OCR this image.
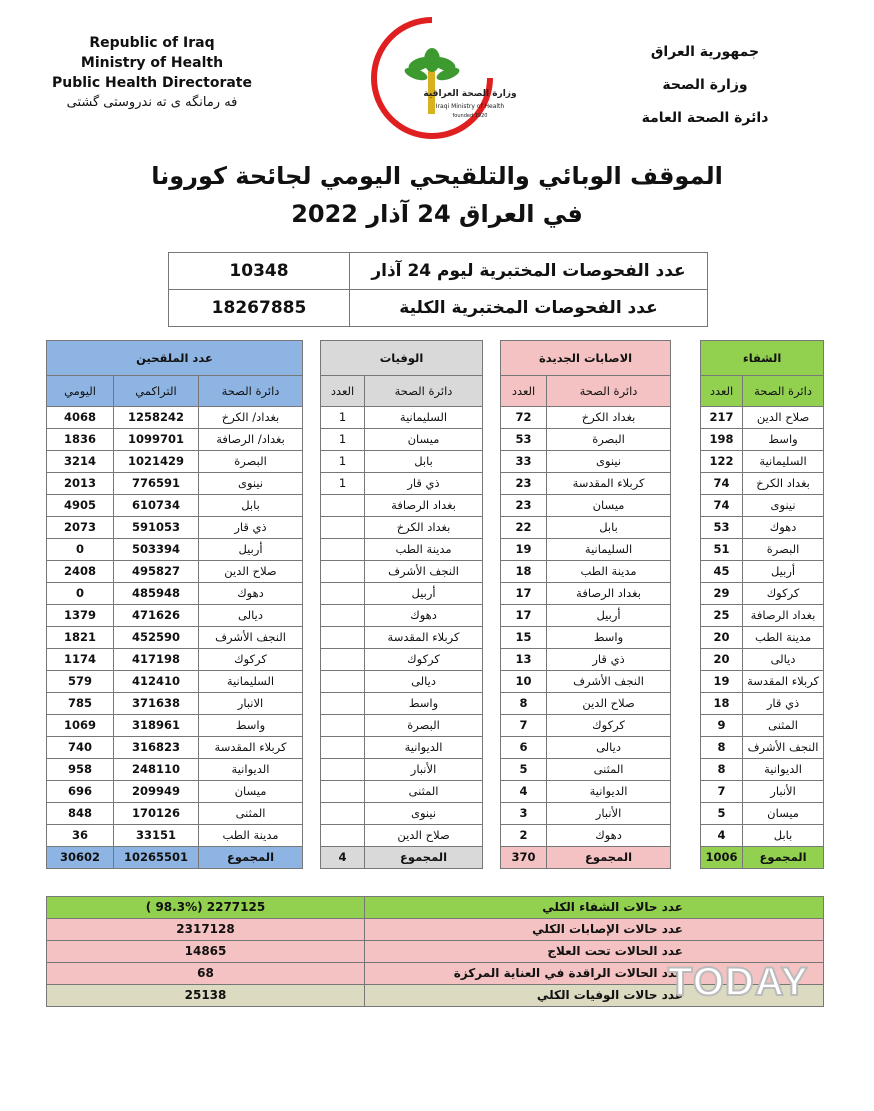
Republic of Iraq
Ministry of Health
Public Health Directorate
فه رمانگه ى ته ندروستى گشتى
وزارة الصحة العراقية
Iraqi Ministry of Health
founded 1920
جمهورية العراق
وزارة الصحة
دائرة الصحة العامة
الموقف الوبائي والتلقيحي اليومي لجائحة كورونا
في العراق 24 آذار 2022
10348	عدد الفحوصات المختبرية ليوم 24 آذار
18267885	عدد الفحوصات المختبرية الكلية
عدد الملقحين				الوفيات			الاصابات الجديدة			الشفاء	
اليومي	التراكمي	دائرة الصحة		العدد	دائرة الصحة		العدد	دائرة الصحة		العدد	دائرة الصحة
4068	1258242	بغداد/ الكرخ		1	السليمانية		72	بغداد الكرخ		217	صلاح الدين
1836	1099701	بغداد/ الرصافة		1	ميسان		53	البصرة		198	واسط
3214	1021429	البصرة		1	بابل		33	نينوى		122	السليمانية
2013	776591	نينوى		1	ذي قار		23	كربلاء المقدسة		74	بغداد الكرخ
4905	610734	بابل			بغداد الرصافة		23	ميسان		74	نينوى
2073	591053	ذي قار			بغداد الكرخ		22	بابل		53	دهوك
0	503394	أربيل			مدينة الطب		19	السليمانية		51	البصرة
2408	495827	صلاح الدين			النجف الأشرف		18	مدينة الطب		45	أربيل
0	485948	دهوك			أربيل		17	بغداد الرصافة		29	كركوك
1379	471626	ديالى			دهوك		17	أربيل		25	بغداد الرصافة
1821	452590	النجف الأشرف			كربلاء المقدسة		15	واسط		20	مدينة الطب
1174	417198	كركوك			كركوك		13	ذي قار		20	ديالى
579	412410	السليمانية			ديالى		10	النجف الأشرف		19	كربلاء المقدسة
785	371638	الانبار			واسط		8	صلاح الدين		18	ذي قار
1069	318961	واسط			البصرة		7	كركوك		9	المثنى
740	316823	كربلاء المقدسة			الديوانية		6	ديالى		8	النجف الأشرف
958	248110	الديوانية			الأنبار		5	المثنى		8	الديوانية
696	209949	ميسان			المثنى		4	الديوانية		7	الأنبار
848	170126	المثنى			نينوى		3	الأنبار		5	ميسان
36	33151	مدينة الطب			صلاح الدين		2	دهوك		4	بابل
30602	10265501	المجموع		4	المجموع		370	المجموع		1006	المجموع
( 98.3%) 2277125	عدد حالات الشفاء الكلي
2317128	عدد حالات الإصابات الكلي
14865	عدد الحالات تحت العلاج
68	عدد الحالات الراقدة في العناية المركزة
25138	عدد حالات الوفيات الكلي
TODAY
